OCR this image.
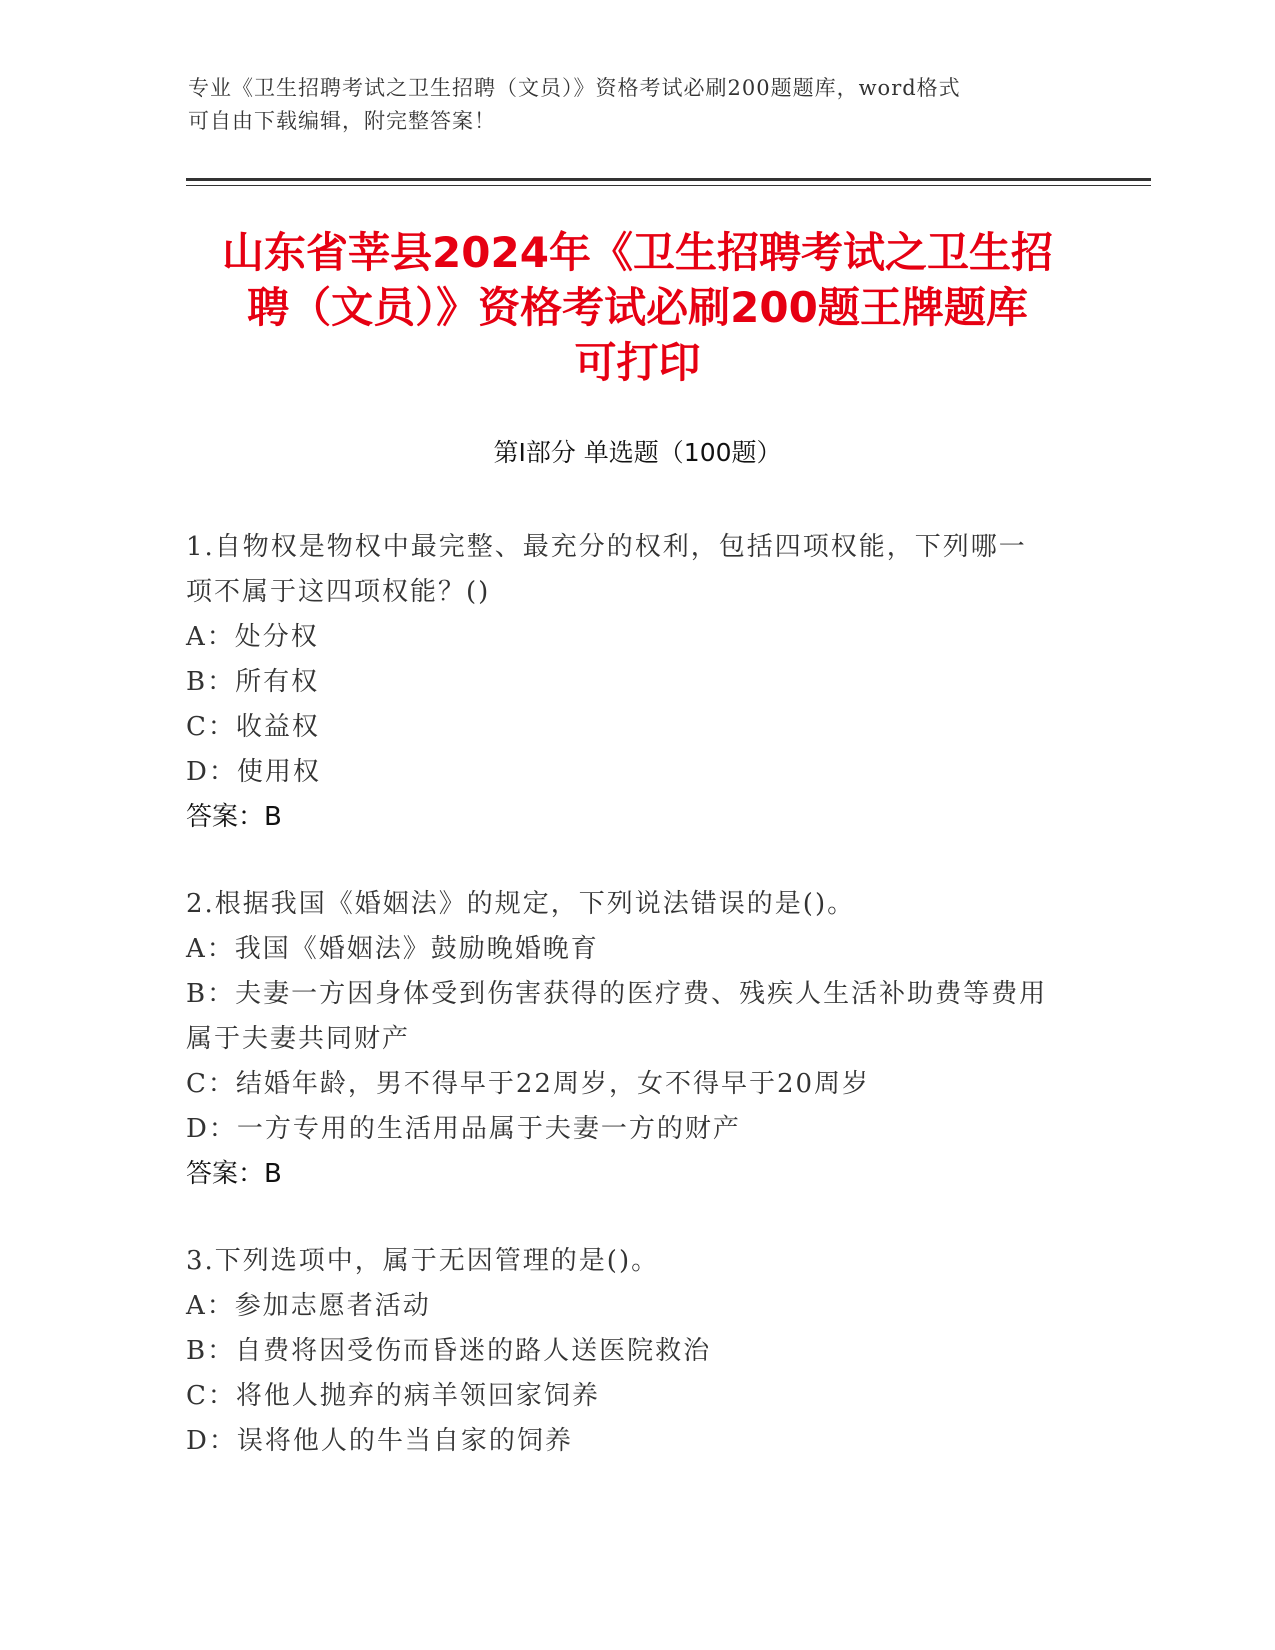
专业《卫生招聘考试之卫生招聘（文员）》资格考试必刷200题题库，word格式
可自由下载编辑，附完整答案！
山东省莘县2024年《卫生招聘考试之卫生招
聘（文员）》资格考试必刷200题王牌题库
可打印
第I部分 单选题（100题）
1.自物权是物权中最完整、最充分的权利，包括四项权能，下列哪一
项不属于这四项权能？()
A：处分权
B：所有权
C：收益权
D：使用权
答案：B
2.根据我国《婚姻法》的规定，下列说法错误的是()。
A：我国《婚姻法》鼓励晚婚晚育
B：夫妻一方因身体受到伤害获得的医疗费、残疾人生活补助费等费用
属于夫妻共同财产
C：结婚年龄，男不得早于22周岁，女不得早于20周岁
D：一方专用的生活用品属于夫妻一方的财产
答案：B
3.下列选项中，属于无因管理的是()。
A：参加志愿者活动
B：自费将因受伤而昏迷的路人送医院救治
C：将他人抛弃的病羊领回家饲养
D：误将他人的牛当自家的饲养
